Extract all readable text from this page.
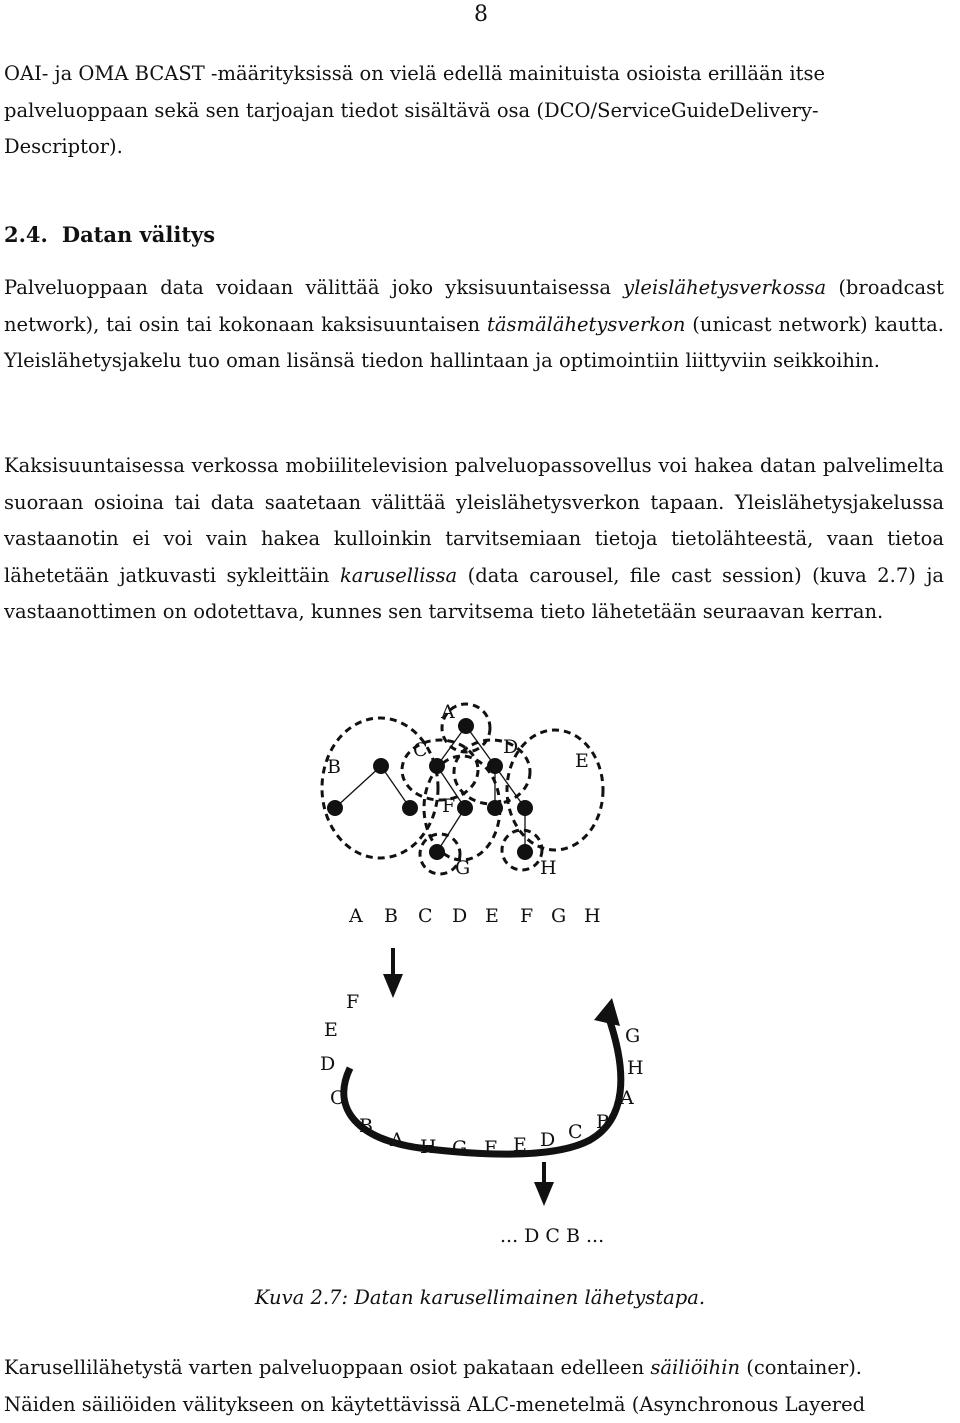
8
OAI- ja OMA BCAST -määrityksissä on vielä edellä mainituista osioista erillään itse
palveluoppaan sekä sen tarjoajan tiedot sisältävä osa (DCO/ServiceGuideDelivery-
Descriptor).
2.4. Datan välitys

Palveluoppaan data voidaan välittää joko yksisuuntaisessa yleislähetysverkossa (broadcast network), tai osin tai kokonaan kaksisuuntaisen täsmälähetysverkon (unicast network) kautta. Yleislähetysjakelu tuo oman lisänsä tiedon hallintaan ja optimointiin liittyviin seikkoihin.

Kaksisuuntaisessa verkossa mobiilitelevision palveluopassovellus voi hakea datan palvelimelta suoraan osioina tai data saatetaan välittää yleislähetysverkon tapaan. Yleislähetysjakelussa vastaanotin ei voi vain hakea kulloinkin tarvitsemiaan tietoja tietolähteestä, vaan tietoa lähetetään jatkuvasti sykleittäin karusellissa (data carousel, file cast session) (kuva 2.7) ja vastaanottimen on odotettava, kunnes sen tarvitsema tieto lähetetään seuraavan kerran.

A
B
C	D
E
F
G	H
A B C D E F G H
F
E
D
C
B
A H G F E D C B
G
H
A
... D C B ...
Kuva 2.7: Datan karusellimainen lähetystapa.
Karusellilähetystä varten palveluoppaan osiot pakataan edelleen säiliöihin (container).
Näiden säiliöiden välitykseen on käytettävissä ALC-menetelmä (Asynchronous Layered
